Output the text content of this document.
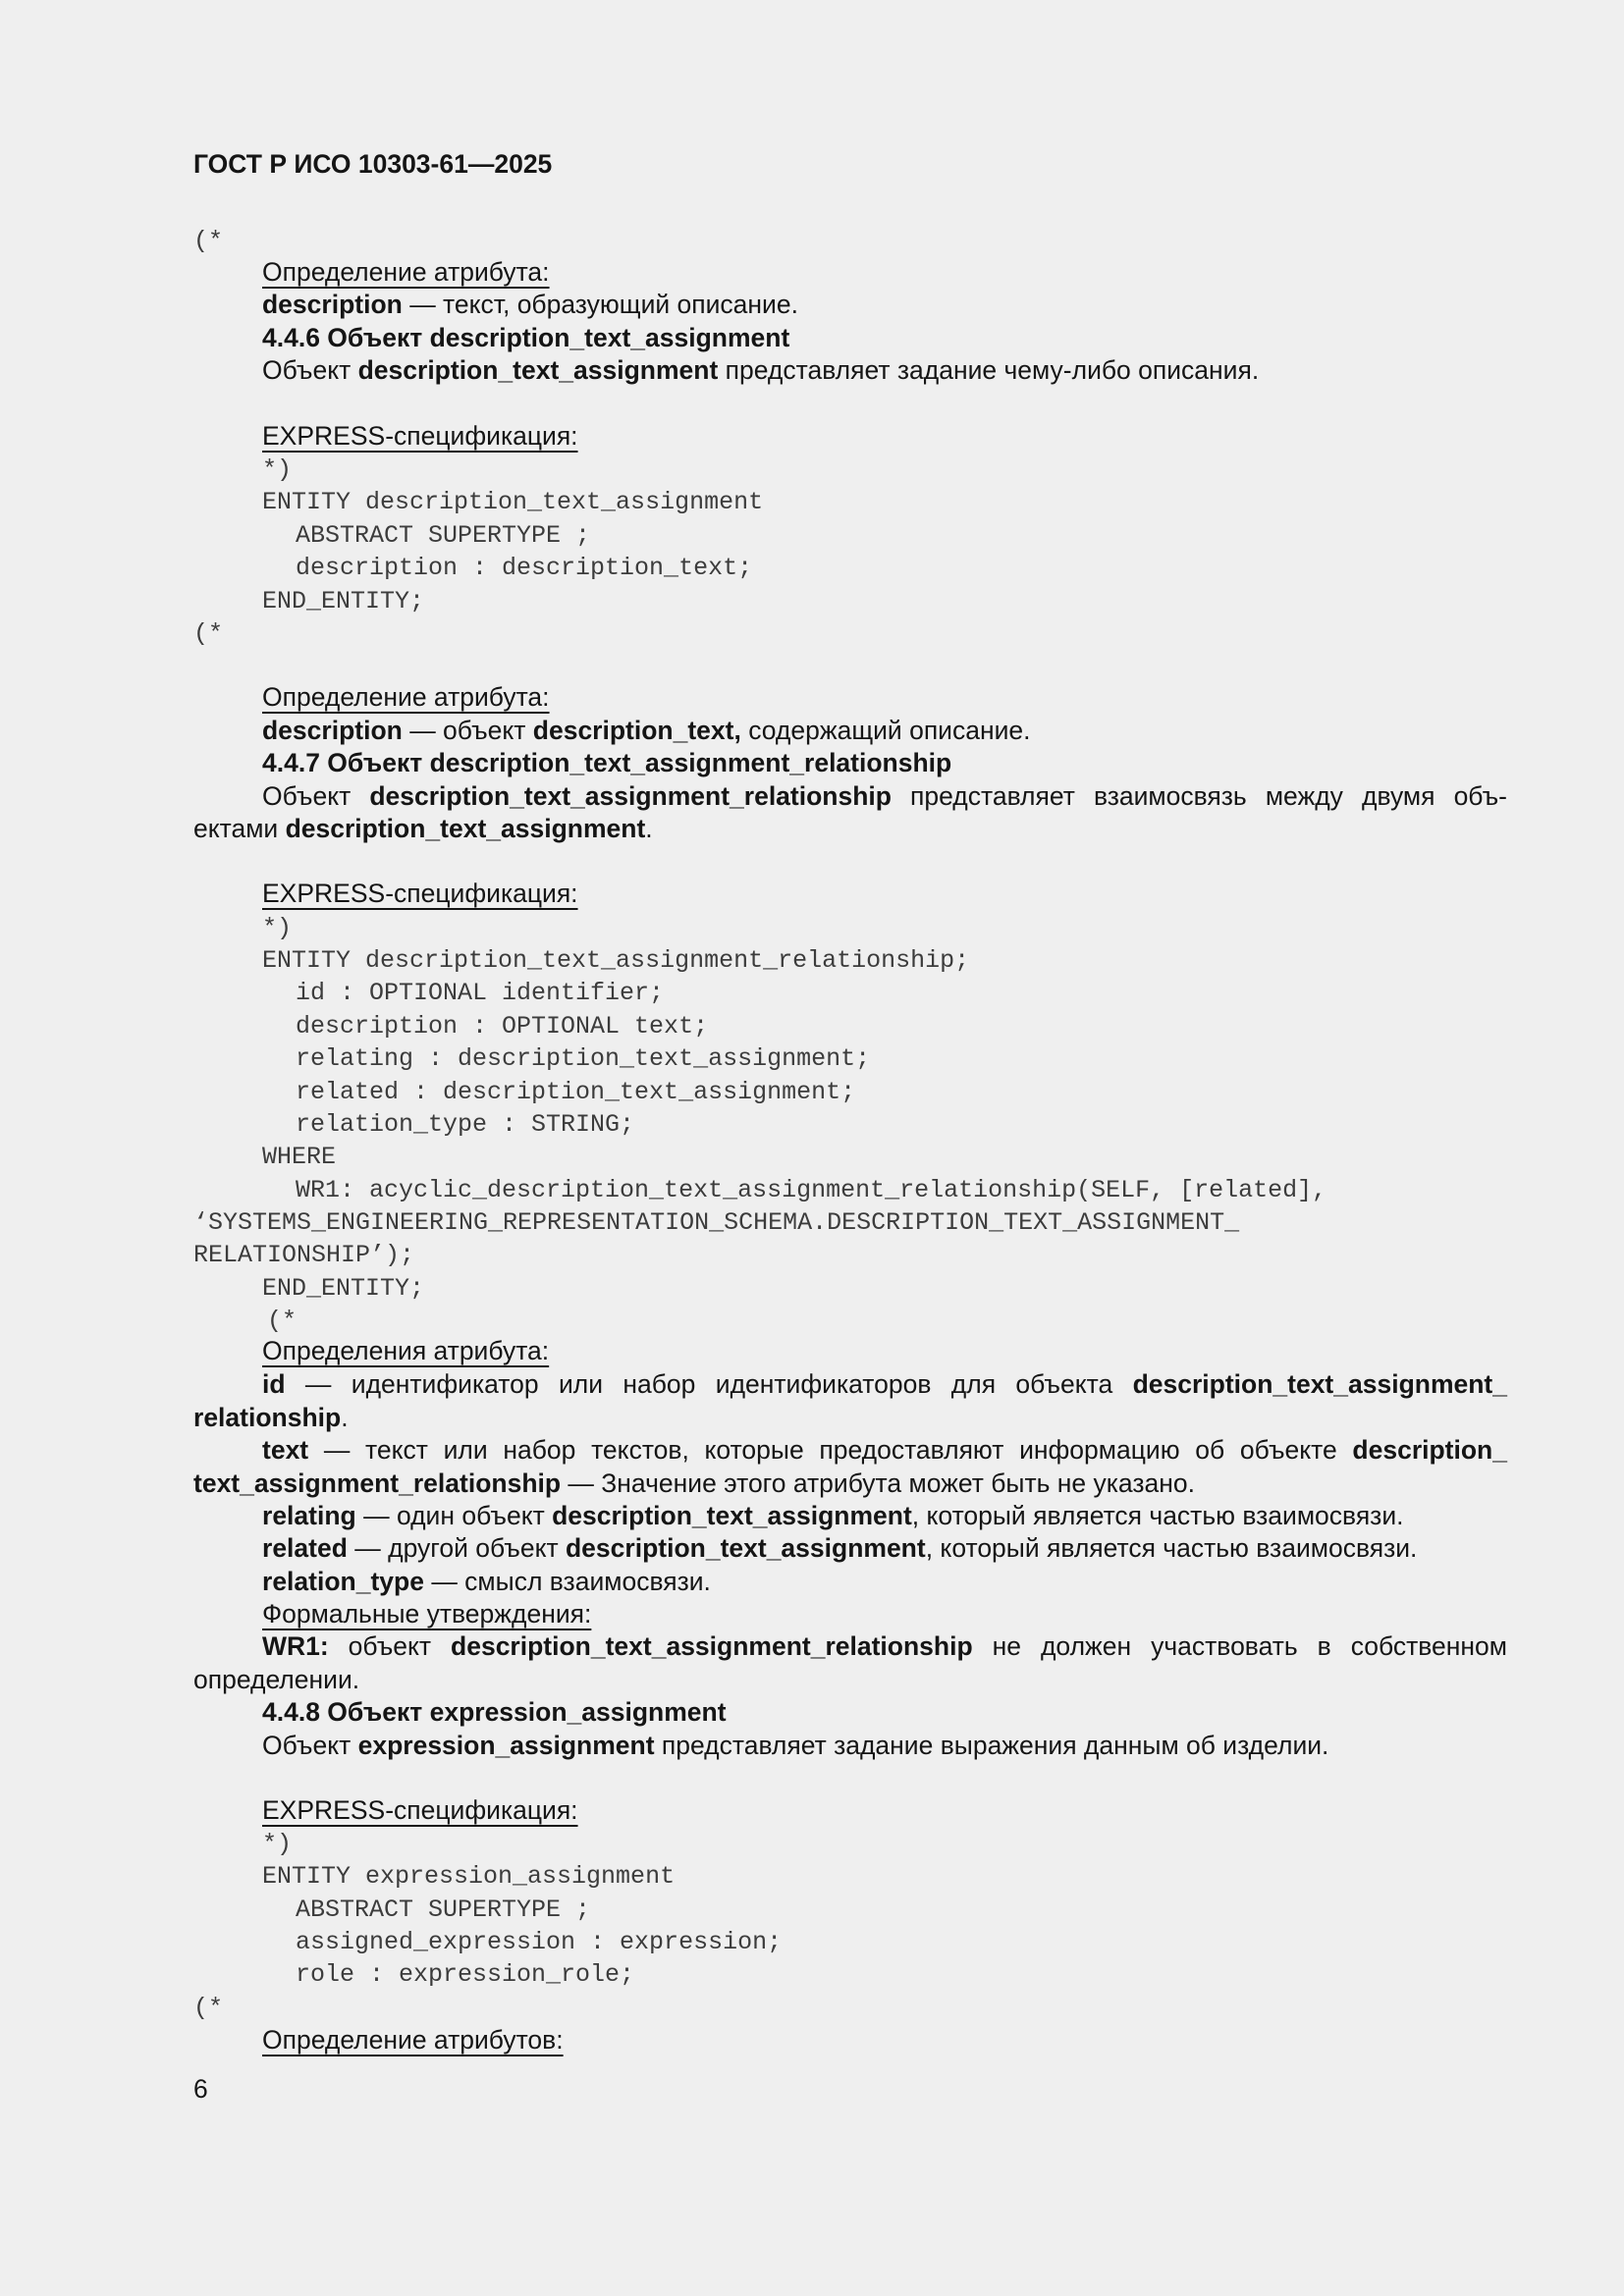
ГОСТ Р ИСО 10303-61—2025
(*
Определение атрибута:
description — текст, образующий описание.
4.4.6 Объект description_text_assignment
Объект description_text_assignment представляет задание чему-либо описания.
EXPRESS-спецификация:
*)
ENTITY description_text_assignment
ABSTRACT SUPERTYPE ;
description : description_text;
END_ENTITY;
(*
Определение атрибута:
description — объект description_text, содержащий описание.
4.4.7 Объект description_text_assignment_relationship
Объект description_text_assignment_relationship представляет взаимосвязь между двумя объ-
ектами description_text_assignment.
EXPRESS-спецификация:
*)
ENTITY description_text_assignment_relationship;
id : OPTIONAL identifier;
description : OPTIONAL text;
relating : description_text_assignment;
related : description_text_assignment;
relation_type : STRING;
WHERE
WR1: acyclic_description_text_assignment_relationship(SELF, [related],
‘SYSTEMS_ENGINEERING_REPRESENTATION_SCHEMA.DESCRIPTION_TEXT_ASSIGNMENT_
RELATIONSHIP’);
END_ENTITY;
(*
Определения атрибута:
id — идентификатор или набор идентификаторов для объекта description_text_assignment_
relationship.
text — текст или набор текстов, которые предоставляют информацию об объекте description_
text_assignment_relationship — Значение этого атрибута может быть не указано.
relating — один объект description_text_assignment, который является частью взаимосвязи.
related — другой объект description_text_assignment, который является частью взаимосвязи.
relation_type — смысл взаимосвязи.
Формальные утверждения:
WR1: объект description_text_assignment_relationship не должен участвовать в собственном
определении.
4.4.8 Объект expression_assignment
Объект expression_assignment представляет задание выражения данным об изделии.
EXPRESS-спецификация:
*)
ENTITY expression_assignment
ABSTRACT SUPERTYPE ;
assigned_expression : expression;
role : expression_role;
(*
Определение атрибутов:
6
